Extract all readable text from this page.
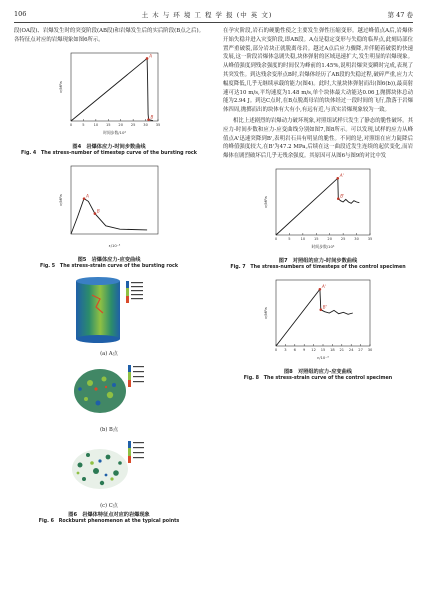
106	土 木 与 环 境 工 程 学 报 (中 英 文)	第 47 卷

段(OA段)、岩爆发生时的突变阶段(AB段)和岩爆发生后的实后阶段(B点之后)。各特征点对应的岩爆现象如图6所示。

0	5 10 15 20 25 30 35
A
B
σ/MPa
时间步数/10⁴
图4　岩爆体应力-时间步数曲线
Fig. 4　The stress-number of timestep curve of the bursting rock
A
B
σ/MPa
ε/10⁻³
图5　岩爆体应力-应变曲线
Fig. 5　The stress-strain curve of the bursting rock
(a) A点
(b) B点
(c) C点
图6　岩爆体特征点对应的岩爆现象
Fig. 6　Rockburst phenomenon at the typical points

在孕灾阶段,岩石的硬脆性使之主要发生弹性压缩变形。越过峰值点A后,岩爆体开始失稳并进入灾变阶段,即AB段。A点是稳定变形与失稳的临界点,此刻局部位置严重破裂,部分岩块正就脱离母岩。越过A点后应力骤降,并伴随着破裂的快速发展,这一阶段岩爆体急剧失稳,块体弹射的区域迅速扩大,发生明显的岩爆现象。从峰值强度到残余强度的时间仅为峰前的1.45%,说明岩爆突变瞬时完成,表现了其突发性。到达残余变形点B时,岩爆体经历了AB段的失稳过程,破碎严重,应力大幅度降低,几乎无继续承载的能力(图4)。此时,大量块体弹射而出(图6(b)),最高射速可达10 m/s,平均速度为1.48 m/s,单个块体最大动能达0.06 J,抛掷块体总动能为2.94 J。到达C点时,在B点脱离母岩的块体经过一段时间的飞行,散落于岩爆体四周,抛掷而出的块体有大有小,有远有近,与真实岩爆现象较为一致。

相比上述剧烈的岩爆动力破坏现象,对照组试样只发生了静态的脆性破坏。其应力-时间步数和应力-应变曲线分别如图7,图8所示。可以发现,试样的应力从峰值点A'迅速突降到B',表明岩石具有明显的脆性。不同的是,对照组在应力陡降后的峰值强度较大,在B'为47.2 MPa,后续在这一曲段近发生连续的起伏变化,而岩爆体在剧烈破坏后几乎无残余强度。其原因可从图6与图9的对比中发

0	5	10 15 20 25 30 35
A'
B'
σ/MPa
时间步数/10⁴
图7　对照组的应力-时间步数曲线
Fig. 7　The stress-numbers of timesteps of the control specimen
0 3 6 9 12 15 18 21 24 27 30
A'
B'
σ/MPa
ε/10⁻³
图8　对照组的应力-应变曲线
Fig. 8　The stress-strain curve of the control specimen
